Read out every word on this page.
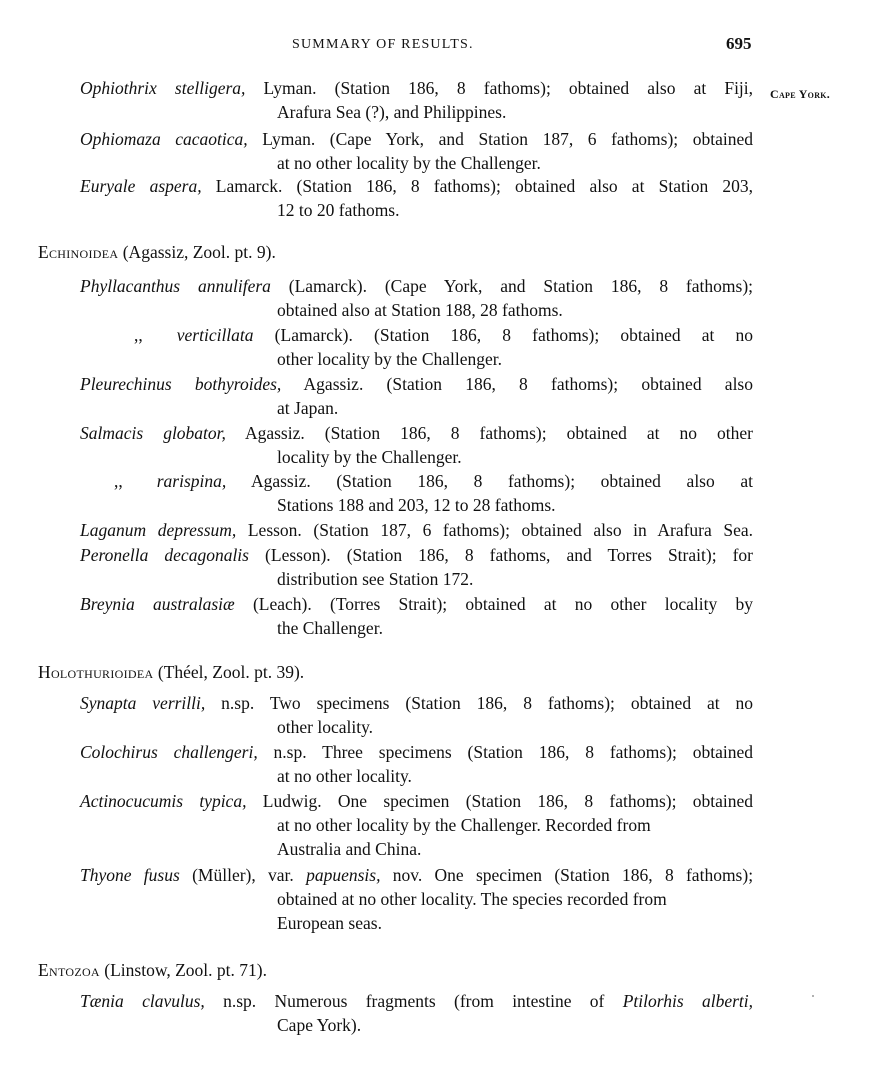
SUMMARY OF RESULTS.	695
Cape York.
Ophiothrix stelligera, Lyman. (Station 186, 8 fathoms); obtained also at Fiji,
Arafura Sea (?), and Philippines.
Ophiomaza cacaotica, Lyman. (Cape York, and Station 187, 6 fathoms); obtained
at no other locality by the Challenger.
Euryale aspera, Lamarck. (Station 186, 8 fathoms); obtained also at Station 203,
12 to 20 fathoms.
Echinoidea (Agassiz, Zool. pt. 9).
Phyllacanthus annulifera (Lamarck). (Cape York, and Station 186, 8 fathoms);
obtained also at Station 188, 28 fathoms.
,, verticillata (Lamarck). (Station 186, 8 fathoms); obtained at no
other locality by the Challenger.
Pleurechinus bothyroides, Agassiz. (Station 186, 8 fathoms); obtained also
at Japan.
Salmacis globator, Agassiz. (Station 186, 8 fathoms); obtained at no other
locality by the Challenger.
,, rarispina, Agassiz. (Station 186, 8 fathoms); obtained also at
Stations 188 and 203, 12 to 28 fathoms.
Laganum depressum, Lesson. (Station 187, 6 fathoms); obtained also in Arafura Sea.
Peronella decagonalis (Lesson). (Station 186, 8 fathoms, and Torres Strait); for
distribution see Station 172.
Breynia australasiæ (Leach). (Torres Strait); obtained at no other locality by
the Challenger.
Holothurioidea (Théel, Zool. pt. 39).
Synapta verrilli, n.sp. Two specimens (Station 186, 8 fathoms); obtained at no
other locality.
Colochirus challengeri, n.sp. Three specimens (Station 186, 8 fathoms); obtained
at no other locality.
Actinocucumis typica, Ludwig. One specimen (Station 186, 8 fathoms); obtained
at no other locality by the Challenger. Recorded from
Australia and China.
Thyone fusus (Müller), var. papuensis, nov. One specimen (Station 186, 8 fathoms);
obtained at no other locality. The species recorded from
European seas.
Entozoa (Linstow, Zool. pt. 71).
Tænia clavulus, n.sp. Numerous fragments (from intestine of Ptilorhis alberti,
Cape York).
